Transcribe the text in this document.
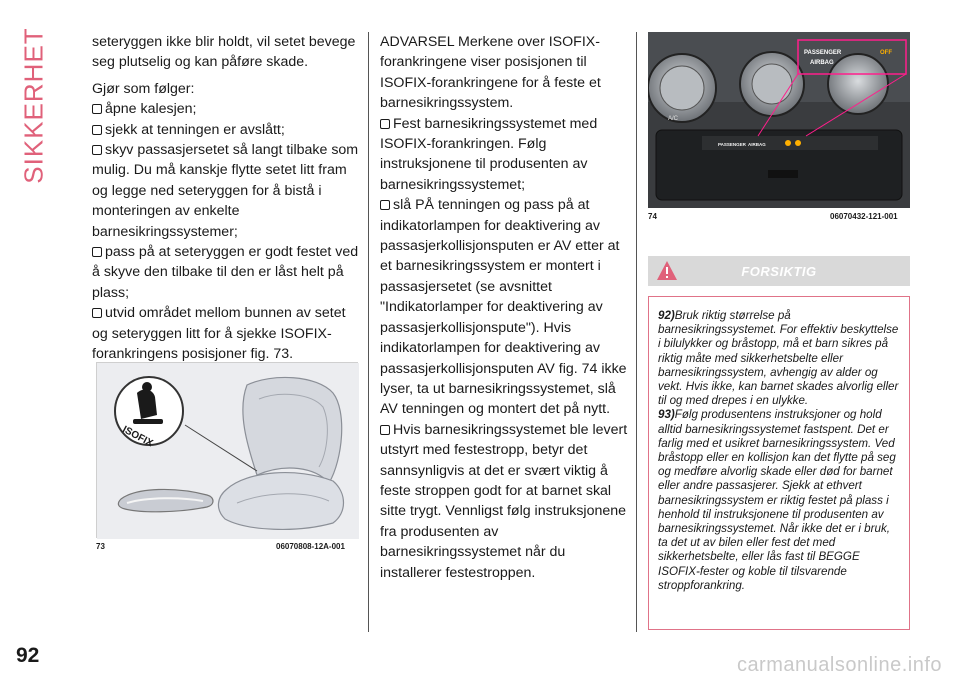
SIKKERHET	seteryggen ikke blir holdt, vil setet bevege seg plutselig og kan påføre skade.
Gjør som følger:
åpne kalesjen;
sjekk at tenningen er avslått;
skyv passasjersetet så langt tilbake som mulig. Du må kanskje flytte setet litt fram og legge ned seteryggen for å bistå i monteringen av enkelte barnesikringssystemer;
pass på at seteryggen er godt festet ved å skyve den tilbake til den er låst helt på plass;
utvid området mellom bunnen av setet og seteryggen litt for å sjekke ISOFIX-forankringens posisjoner fig. 73.
ISOFIX
73	06070808-12A-001
ADVARSEL Merkene over ISOFIX-forankringene viser posisjonen til ISOFIX-forankringene for å feste et barnesikringssystem.
Fest barnesikringssystemet med ISOFIX-forankringen. Følg instruksjonene til produsenten av barnesikringssystemet;
slå PÅ tenningen og pass på at indikatorlampen for deaktivering av passasjerkollisjonsputen er AV etter at et barnesikringssystem er montert i passasjersetet (se avsnittet "Indikatorlamper for deaktivering av passasjerkollisjonspute"). Hvis indikatorlampen for deaktivering av passasjerkollisjonsputen AV fig. 74 ikke lyser, ta ut barnesikringssystemet, slå AV tenningen og montert det på nytt.
Hvis barnesikringssystemet ble levert utstyrt med festestropp, betyr det sannsynligvis at det er svært viktig å feste stroppen godt for at barnet skal sitte trygt. Vennligst følg instruksjonene fra produsenten av barnesikringssystemet når du installerer festestroppen.
A/C
PASSENGER AIRBAG
PASSENGER
AIRBAG
OFF
74	06070432-121-001
FORSIKTIG

92)Bruk riktig størrelse på barnesikringssystemet. For effektiv beskyttelse i bilulykker og bråstopp, må et barn sikres på riktig måte med sikkerhetsbelte eller barnesikringssystem, avhengig av alder og vekt. Hvis ikke, kan barnet skades alvorlig eller til og med drepes i en ulykke.

93)Følg produsentens instruksjoner og hold alltid barnesikringssystemet fastspent. Det er farlig med et usikret barnesikringssystem. Ved bråstopp eller en kollisjon kan det flytte på seg og medføre alvorlig skade eller død for barnet eller andre passasjerer. Sjekk at ethvert barnesikringssystem er riktig festet på plass i henhold til instruksjonene til produsenten av barnesikringssystemet. Når ikke det er i bruk, ta det ut av bilen eller fest det med sikkerhetsbelte, eller lås fast til BEGGE ISOFIX-fester og koble til tilsvarende stroppforankring.

92	carmanualsonline.info
